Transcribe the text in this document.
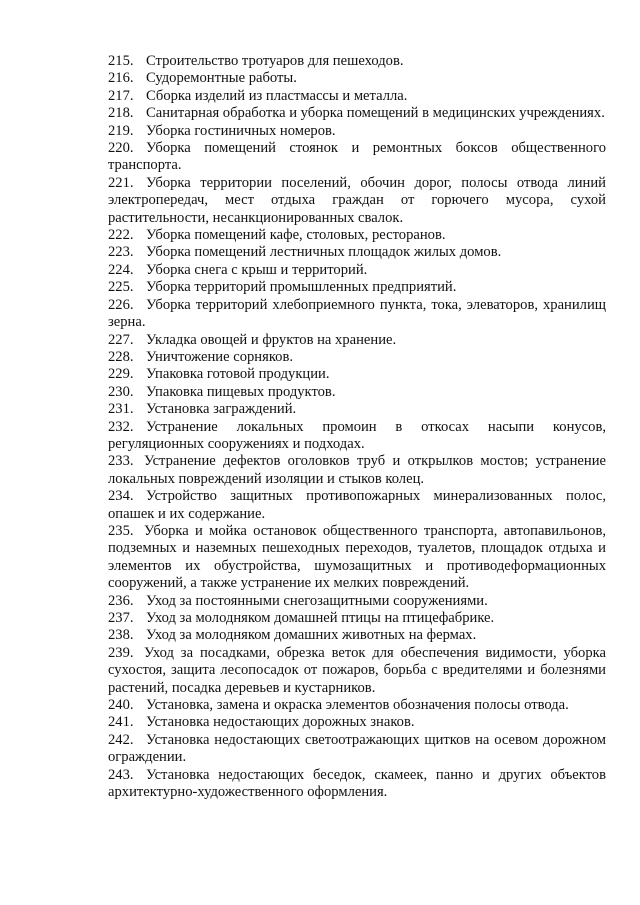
215. Строительство тротуаров для пешеходов.

216. Судоремонтные работы.

217. Сборка изделий из пластмассы и металла.

218. Санитарная обработка и уборка помещений в медицинских учреждениях.

219. Уборка гостиничных номеров.

220. Уборка помещений стоянок и ремонтных боксов общественного транспорта.

221. Уборка территории поселений, обочин дорог, полосы отвода линий электропередач, мест отдыха граждан от горючего мусора, сухой растительности, несанкционированных свалок.

222. Уборка помещений кафе, столовых, ресторанов.

223. Уборка помещений лестничных площадок жилых домов.

224. Уборка снега с крыш и территорий.

225. Уборка территорий промышленных предприятий.

226. Уборка территорий хлебоприемного пункта, тока, элеваторов, хранилищ зерна.

227. Укладка овощей и фруктов на хранение.

228. Уничтожение сорняков.

229. Упаковка готовой продукции.

230. Упаковка пищевых продуктов.

231. Установка заграждений.

232. Устранение локальных промоин в откосах насыпи конусов, регуляционных сооружениях и подходах.

233. Устранение дефектов оголовков труб и открылков мостов; устранение локальных повреждений изоляции и стыков колец.

234. Устройство защитных противопожарных минерализованных полос, опашек и их содержание.

235. Уборка и мойка остановок общественного транспорта, автопавильонов, подземных и наземных пешеходных переходов, туалетов, площадок отдыха и элементов их обустройства, шумозащитных и противодеформационных сооружений, а также устранение их мелких повреждений.

236. Уход за постоянными снегозащитными сооружениями.

237. Уход за молодняком домашней птицы на птицефабрике.

238. Уход за молодняком домашних животных на фермах.

239. Уход за посадками, обрезка веток для обеспечения видимости, уборка сухостоя, защита лесопосадок от пожаров, борьба с вредителями и болезнями растений, посадка деревьев и кустарников.

240. Установка, замена и окраска элементов обозначения полосы отвода.

241. Установка недостающих дорожных знаков.

242. Установка недостающих светоотражающих щитков на осевом дорожном ограждении.

243. Установка недостающих беседок, скамеек, панно и других объектов архитектурно-художественного оформления.
